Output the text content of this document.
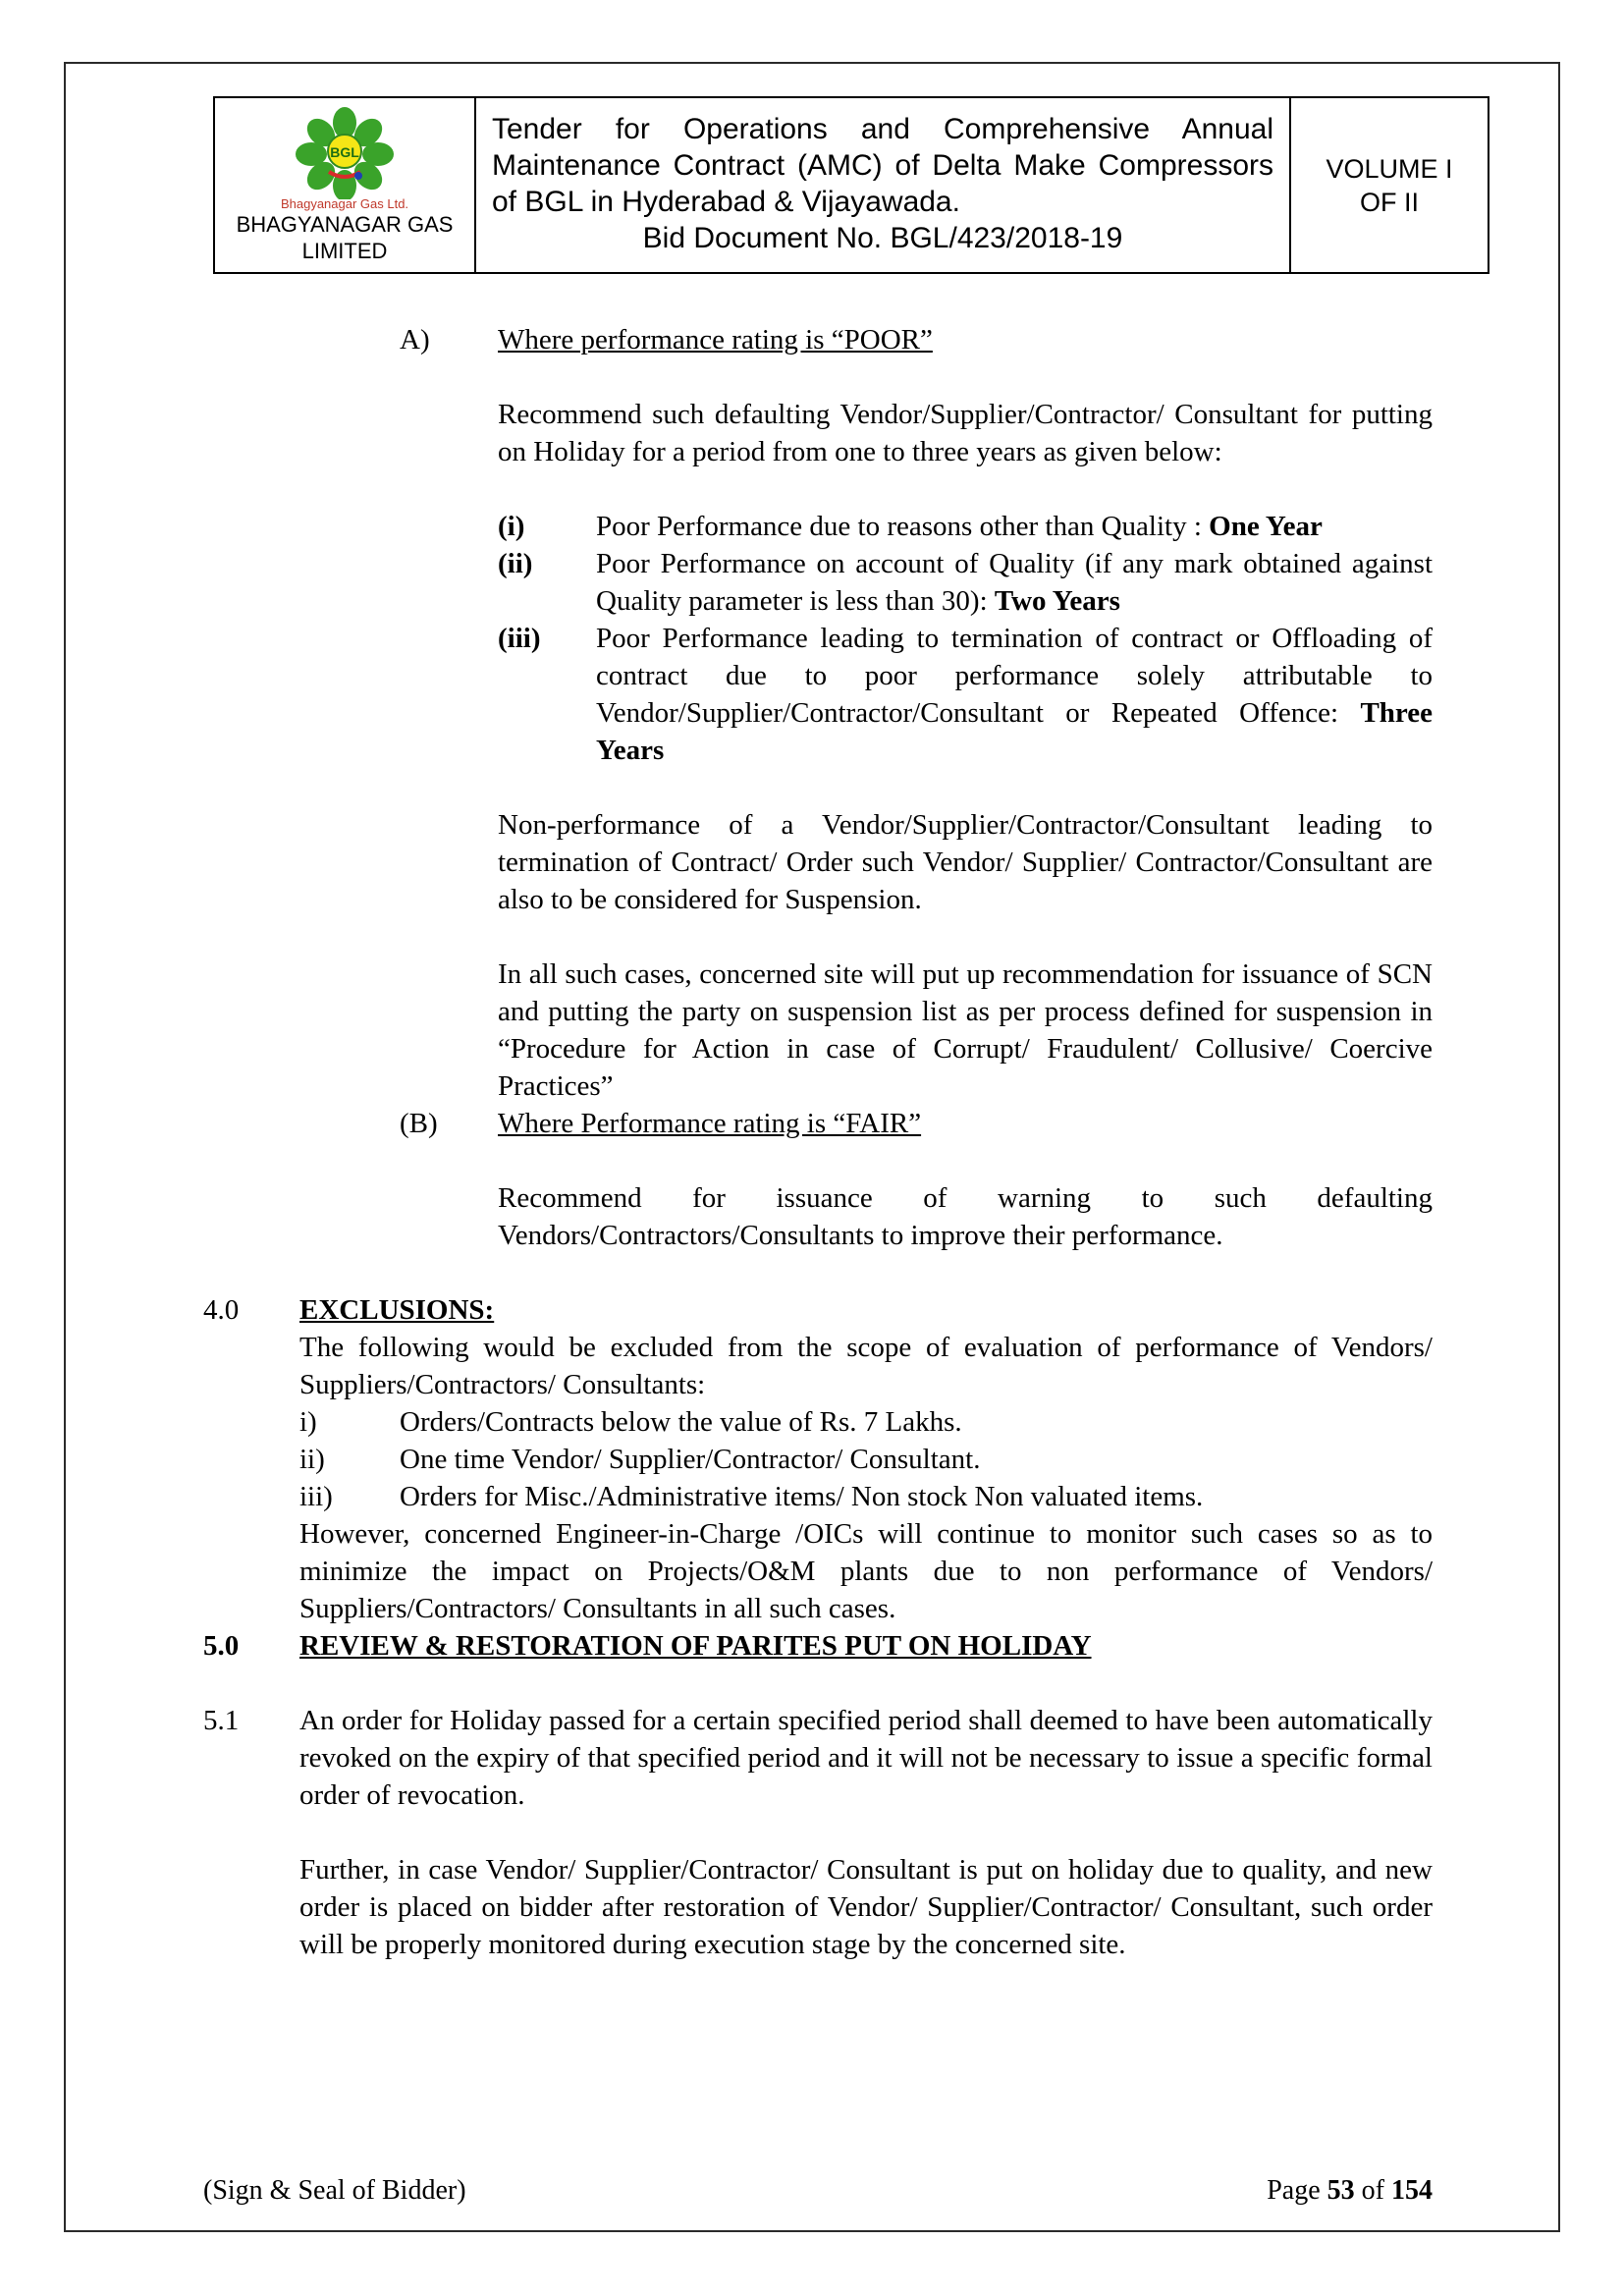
BGL
Bhagyanagar Gas Ltd.
BHAGYANAGAR GAS
LIMITED

Tender for Operations and Comprehensive Annual Maintenance Contract (AMC) of Delta Make Compressors of BGL in Hyderabad & Vijayawada.
Bid Document No. BGL/423/2018-19

VOLUME I
OF II
A)	Where performance rating is “POOR”
Recommend such defaulting Vendor/Supplier/Contractor/ Consultant for putting on Holiday for a period from one to three years as given below:
(i)	Poor Performance due to reasons other than Quality : One Year
(ii)	Poor Performance on account of Quality (if any mark obtained against Quality parameter is less than 30): Two Years
(iii)	Poor Performance leading to termination of contract or Offloading of contract due to poor performance solely attributable to Vendor/Supplier/Contractor/Consultant or Repeated Offence: Three Years
Non-performance of a Vendor/Supplier/Contractor/Consultant leading to termination of Contract/ Order such Vendor/ Supplier/ Contractor/Consultant are also to be considered for Suspension.
In all such cases, concerned site will put up recommendation for issuance of SCN and putting the party on suspension list as per process defined for suspension in “Procedure for Action in case of Corrupt/ Fraudulent/ Collusive/ Coercive Practices”
(B)	Where Performance rating is “FAIR”
Recommend for issuance of warning to such defaulting Vendors/Contractors/Consultants to improve their performance.
4.0	EXCLUSIONS:
The following would be excluded from the scope of evaluation of performance of Vendors/ Suppliers/Contractors/ Consultants:
i)	Orders/Contracts below the value of Rs. 7 Lakhs.
ii)	One time Vendor/ Supplier/Contractor/ Consultant.
iii)	Orders for Misc./Administrative items/ Non stock Non valuated items.
However, concerned Engineer-in-Charge /OICs will continue to monitor such cases so as to minimize the impact on Projects/O&M plants due to non performance of Vendors/ Suppliers/Contractors/ Consultants in all such cases.
5.0	REVIEW & RESTORATION OF PARITES PUT ON HOLIDAY
5.1	An order for Holiday passed for a certain specified period shall deemed to have been automatically revoked on the expiry of that specified period and it will not be necessary to issue a specific formal order of revocation.
Further, in case Vendor/ Supplier/Contractor/ Consultant is put on holiday due to quality, and new order is placed on bidder after restoration of Vendor/ Supplier/Contractor/ Consultant, such order will be properly monitored during execution stage by the concerned site.
(Sign & Seal of Bidder)	Page 53 of 154
